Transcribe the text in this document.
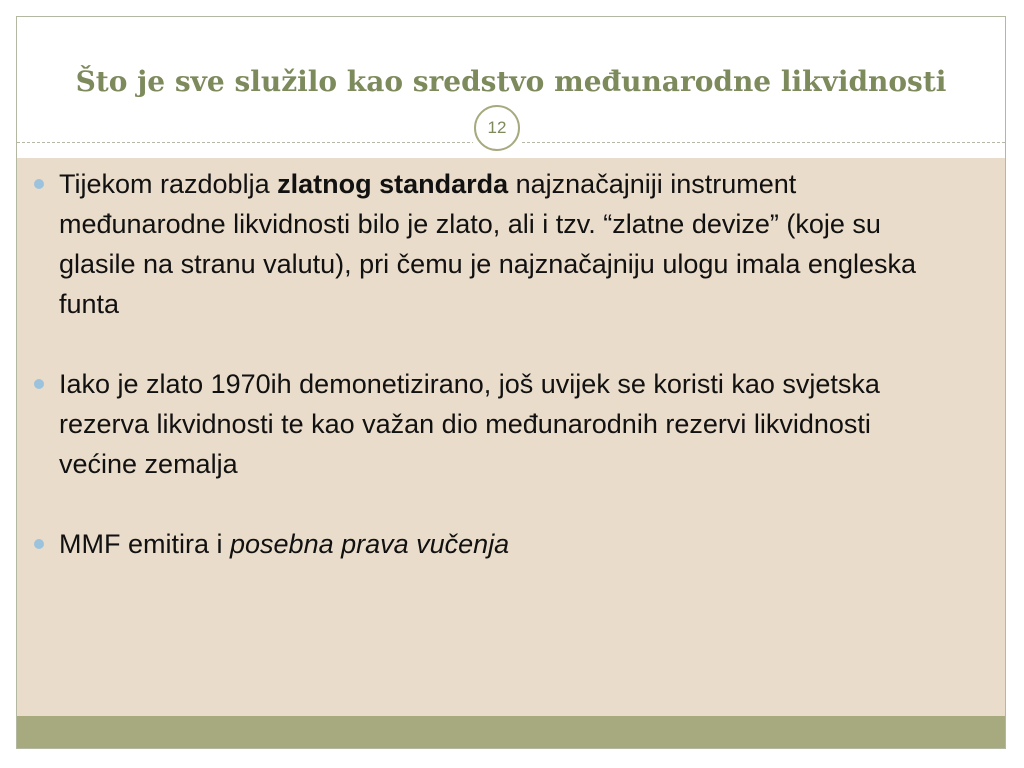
Što je sve služilo kao sredstvo međunarodne likvidnosti
12
Tijekom razdoblja zlatnog standarda najznačajniji instrument međunarodne likvidnosti bilo je zlato, ali i tzv. “zlatne devize” (koje su glasile na stranu valutu), pri čemu je najznačajniju ulogu imala engleska funta
Iako je zlato 1970ih demonetizirano, još uvijek se koristi kao svjetska rezerva likvidnosti te kao važan dio međunarodnih rezervi likvidnosti većine zemalja
MMF emitira i posebna prava vučenja
